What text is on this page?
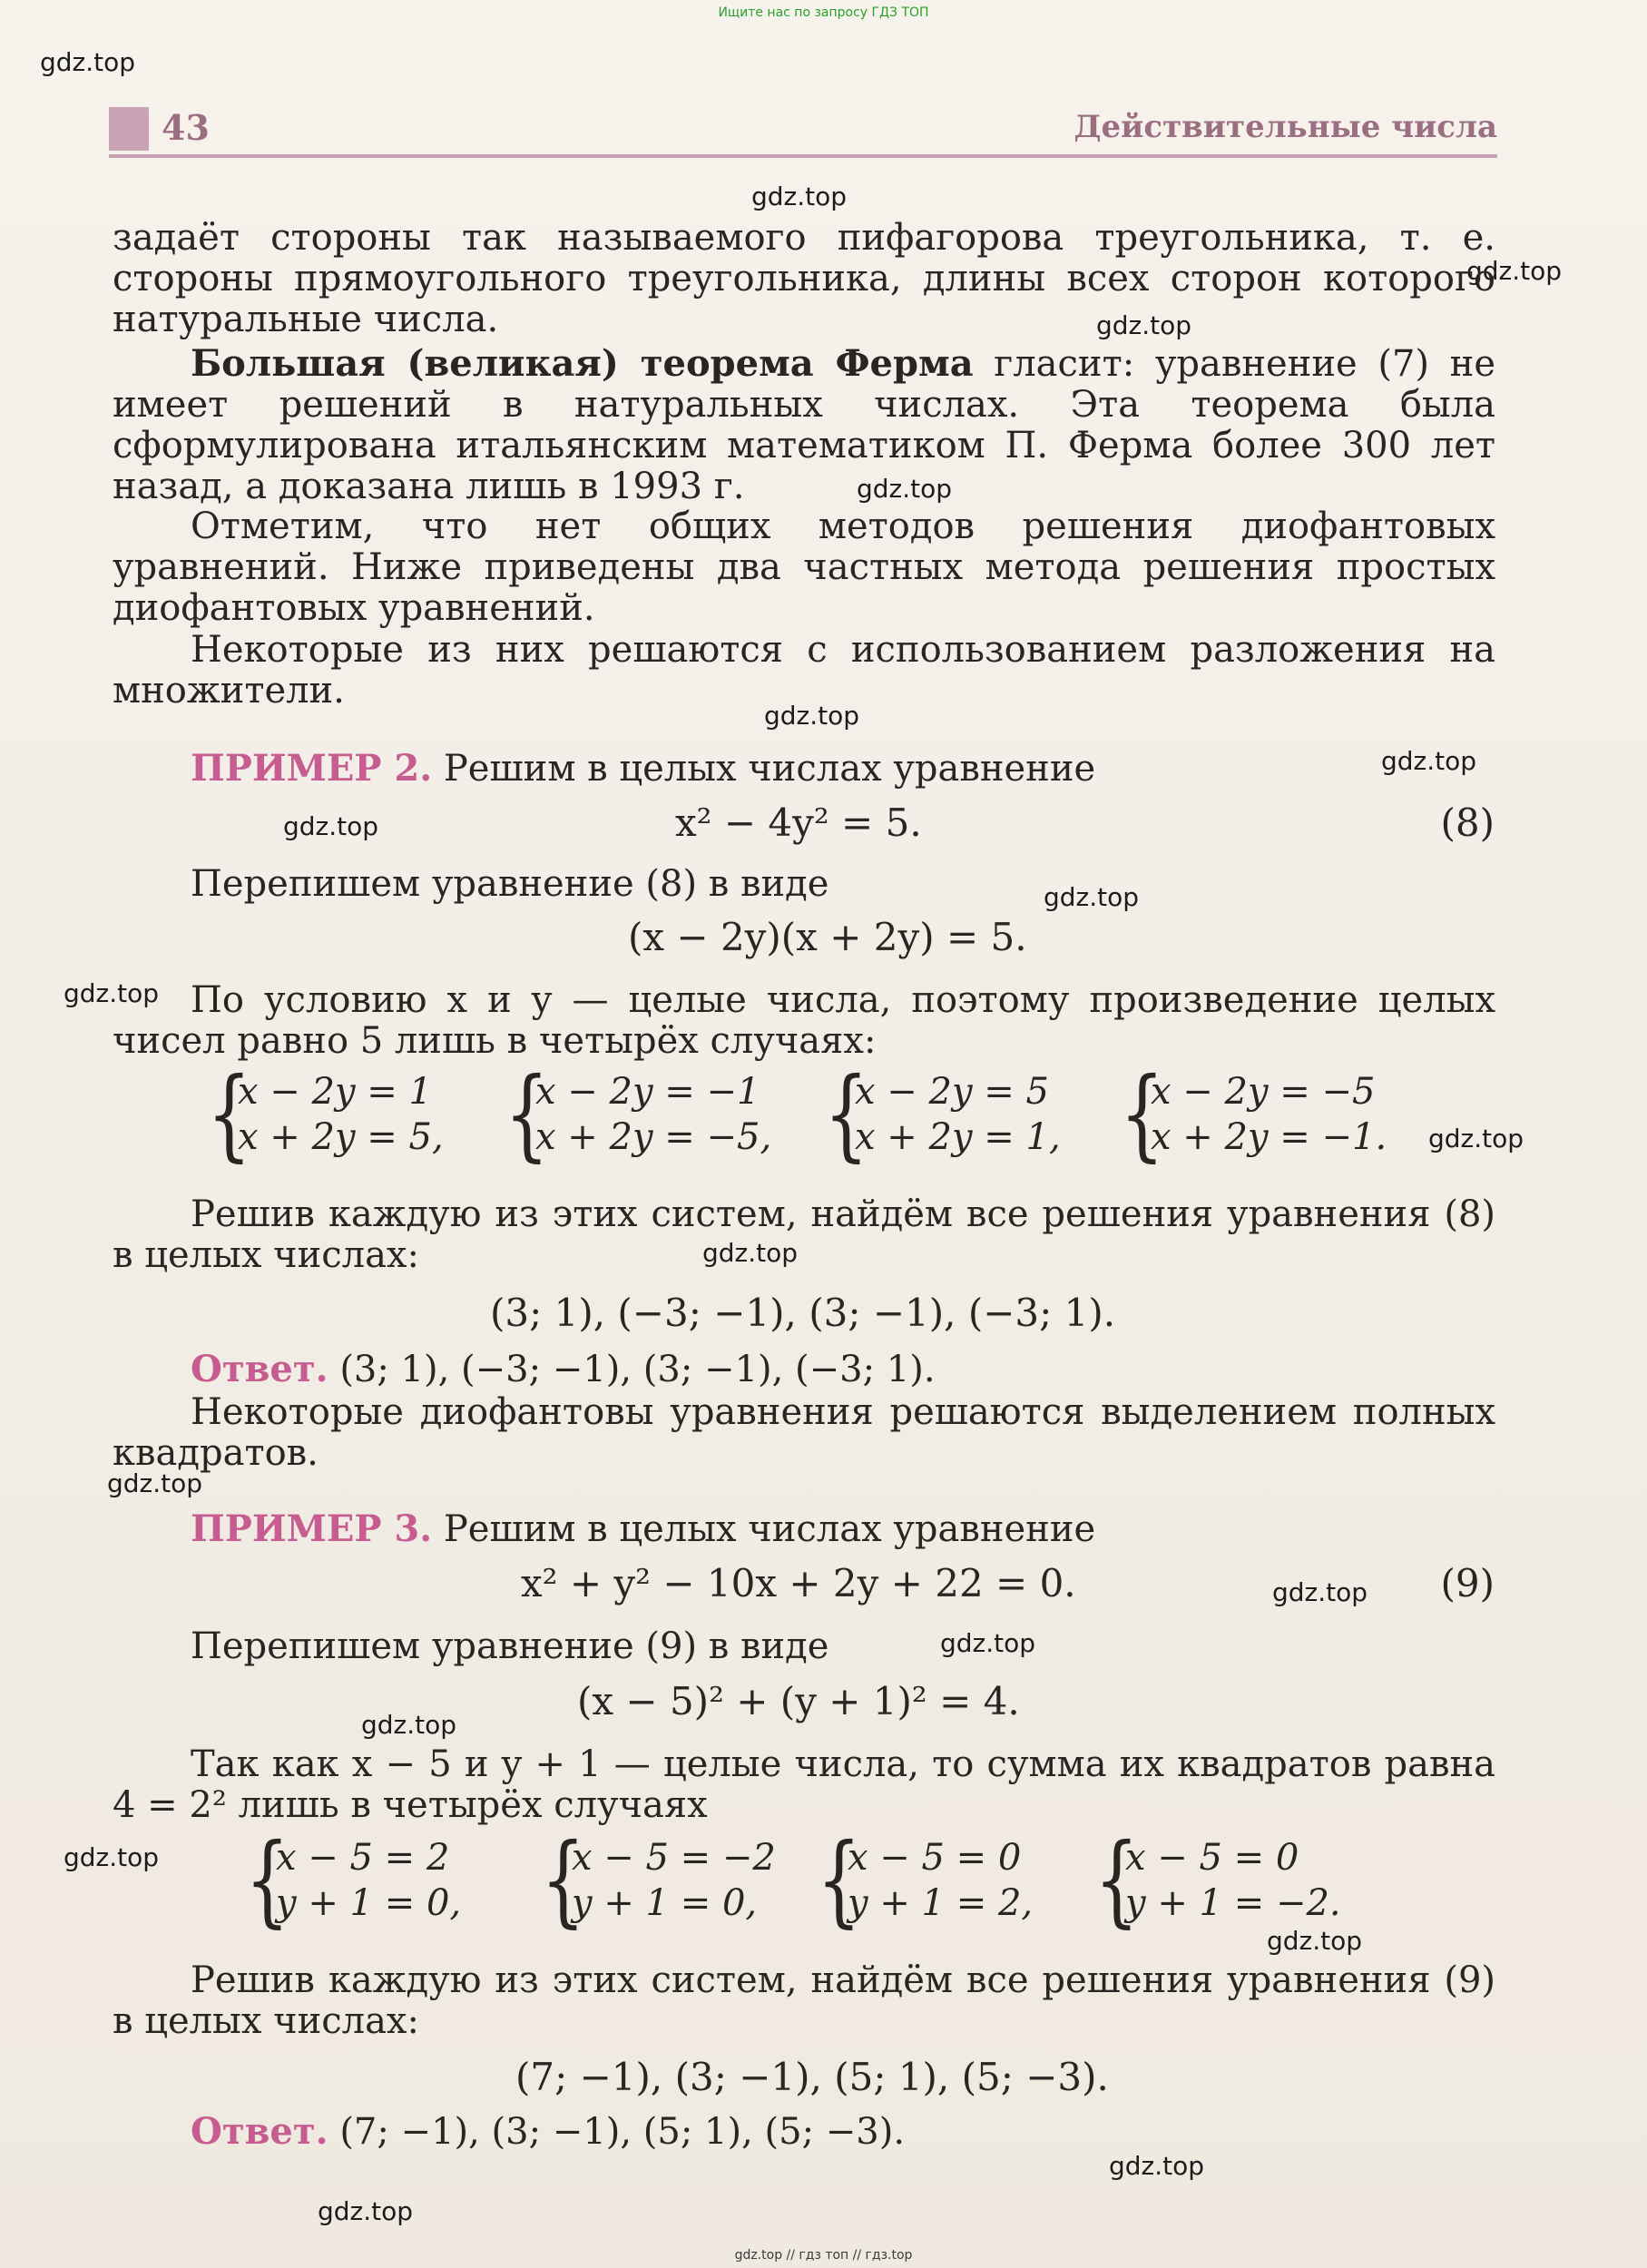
Ищите нас по запросу ГДЗ ТОП
43	Действительные числа
gdz.top
gdz.top
gdz.top
gdz.top
gdz.top
gdz.top
gdz.top
gdz.top
gdz.top
gdz.top
gdz.top
gdz.top
gdz.top
gdz.top
gdz.top
gdz.top
gdz.top
gdz.top
gdz.top
gdz.top
задаёт стороны так называемого пифагорова треугольника, т. е. стороны прямоугольного треугольника, длины всех сторон которого натуральные числа.
Большая (великая) теорема Ферма гласит: уравнение (7) не имеет решений в натуральных числах. Эта теорема была сформулирована итальянским математиком П. Ферма более 300 лет назад, а доказана лишь в 1993 г.
Отметим, что нет общих методов решения диофантовых уравнений. Ниже приведены два частных метода решения простых диофантовых уравнений.
Некоторые из них решаются с использованием разложения на множители.
ПРИМЕР 2. Решим в целых числах уравнение
x² − 4y² = 5.	(8)
Перепишем уравнение (8) в виде
(x − 2y)(x + 2y) = 5.
По условию x и y — целые числа, поэтому произведение целых чисел равно 5 лишь в четырёх случаях:
{
x − 2y = 1
x + 2y = 5, {
x − 2y = −1
x + 2y = −5, {
x − 2y = 5
x + 2y = 1, {
x − 2y = −5
x + 2y = −1.
Решив каждую из этих систем, найдём все решения уравнения (8) в целых числах:
(3; 1), (−3; −1), (3; −1), (−3; 1).
Ответ. (3; 1), (−3; −1), (3; −1), (−3; 1).
Некоторые диофантовы уравнения решаются выделением полных квадратов.
ПРИМЕР 3. Решим в целых числах уравнение
x² + y² − 10x + 2y + 22 = 0.	(9)
Перепишем уравнение (9) в виде
(x − 5)² + (y + 1)² = 4.
Так как x − 5 и y + 1 — целые числа, то сумма их квадратов равна 4 = 2² лишь в четырёх случаях
{
x − 5 = 2
y + 1 = 0, {
x − 5 = −2
y + 1 = 0, {
x − 5 = 0
y + 1 = 2, {
x − 5 = 0
y + 1 = −2.
Решив каждую из этих систем, найдём все решения уравнения (9) в целых числах:
(7; −1), (3; −1), (5; 1), (5; −3).
Ответ. (7; −1), (3; −1), (5; 1), (5; −3).
gdz.top // гдз топ // гдз.top
